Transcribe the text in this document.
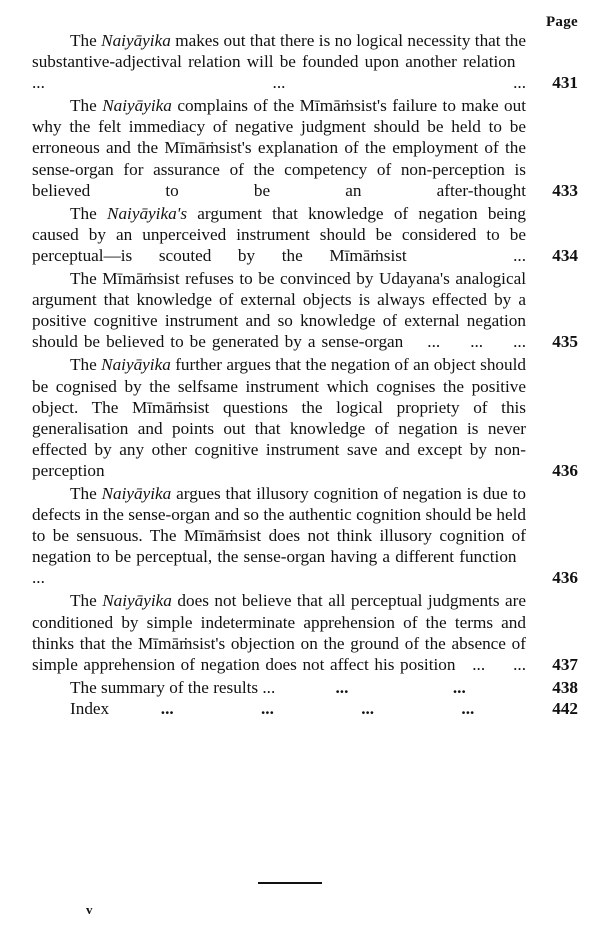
Page
The Naiyāyika makes out that there is no logical necessity that the substantive-adjectival relation will be founded upon another relation   ...     ...     ...	431
The Naiyāyika complains of the Mīmāṁsist's failure to make out why the felt immediacy of negative judgment should be held to be erroneous and the Mīmāṁsist's explanation of the employment of the sense-organ for assurance of the competency of non-perception is believed to be an after-thought	433
The Naiyāyika's argument that knowledge of negation being caused by an unperceived instrument should be considered to be perceptual—is scouted by the Mīmāṁsist    ...	434
The Mīmāṁsist refuses to be convinced by Udayana's analogical argument that knowledge of external objects is always effected by a positive cognitive instrument and so knowledge of external negation should be believed to be generated by a sense-organ    ...     ...     ...	435
The Naiyāyika further argues that the negation of an object should be cognised by the selfsame instrument which cognises the positive object. The Mīmāṁsist questions the logical propriety of this generalisation and points out that knowledge of negation is never effected by any other cognitive instrument save and except by non-perception	436
The Naiyāyika argues that illusory cognition of negation is due to defects in the sense-organ and so the authentic cognition should be held to be sensuous. The Mīmāṁsist does not think illusory cognition of negation to be perceptual, the sense-organ having a different function   ...	436
The Naiyāyika does not believe that all perceptual judgments are conditioned by simple indeterminate apprehension of the terms and thinks that the Mīmāṁsist's objection on the ground of the absence of simple apprehension of negation does not affect his position   ...     ...	437
The summary of the results ...	...	...	438
Index	...	...	...	...	442
v
